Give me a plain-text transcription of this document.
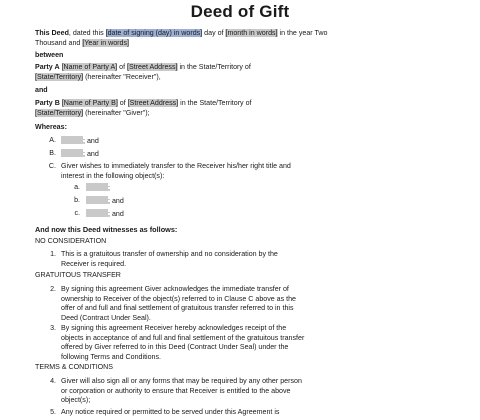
Deed of Gift
This Deed, dated this [date of signing (day) in words] day of [month in words] in the year Two Thousand and [Year in words]
between
Party A [Name of Party A] of [Street Address] in the State/Territory of
[State/Territory] (hereinafter "Receiver"),
and
Party B [Name of Party B] of [Street Address] in the State/Territory of
[State/Territory] (hereinafter "Giver");
Whereas:
A.	; and
B.	; and
C. Giver wishes to immediately transfer to the Receiver his/her right title and
interest in the following object(s):
a.	;
b.	; and
c.	; and
And now this Deed witnesses as follows:
NO CONSIDERATION
1. This is a gratuitous transfer of ownership and no consideration by the
Receiver is required.
GRATUITOUS TRANSFER
2. By signing this agreement Giver acknowledges the immediate transfer of
ownership to Receiver of the object(s) referred to in Clause C above as the
offer of and full and final settlement of gratuitous transfer referred to in this
Deed (Contract Under Seal).
3. By signing this agreement Receiver hereby acknowledges receipt of the
objects in acceptance of and full and final settlement of the gratuitous transfer
offered by Giver referred to in this Deed (Contract Under Seal) under the
following Terms and Conditions.
TERMS & CONDITIONS
4. Giver will also sign all or any forms that may be required by any other person
or corporation or authority to ensure that Receiver is entitled to the above
object(s);
5. Any notice required or permitted to be served under this Agreement is
